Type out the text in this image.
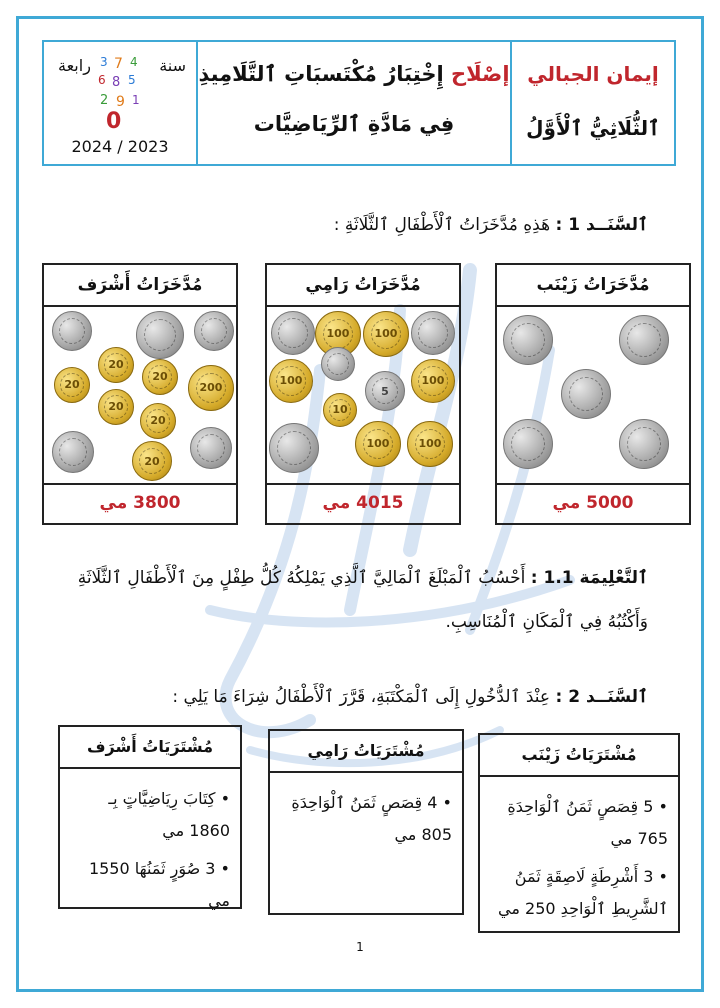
سنة
رابعة 3 7 4
6 8 5
2 9 1
0
2024 / 2023
إصْلَاح إِخْتِبَارُ مُكْتَسبَاتِ ٱلتَّلَامِيذِ
فِي مَادَّةِ ٱلرِّيَاضِيَّات
إيمان الجبالي
ٱلثُّلَاثِيُّ ٱلْأَوَّلُ
ٱلسَّنَــد 1 : هَذِهِ مُدَّخَرَاتُ ٱلْأَطْفَالِ ٱلثَّلَاثَةِ :
مُدَّخَرَاتُ زَيْنَب
5000 مي
مُدَّخَرَاتُ رَامِي
100	100
100
5
100
10
100	100
4015 مي
مُدَّخَرَاتُ أَشْرَف
20
20
20	200
20
20
20
3800 مي
ٱلتَّعْلِيمَة 1.1 : أَحْسُبُ ٱلْمَبْلَغَ ٱلْمَالِيَّ ٱلَّذِي يَمْلِكُهُ كُلُّ طِفْلٍ مِنَ ٱلْأَطْفَالِ ٱلثَّلَاثَةِ
وَأَكْتُبُهُ فِي ٱلْمَكَانِ ٱلْمُنَاسِبِ.
ٱلسَّنَــد 2 : عِنْدَ ٱلدُّخُولِ إِلَى ٱلْمَكْتَبَةِ، قَرَّرَ ٱلْأَطْفَالُ شِرَاءَ مَا يَلِي :
مُشْتَرَيَاتُ زَيْنَب
• 5 قِصَصٍ ثَمَنُ ٱلْوَاحِدَةِ 765 مي
• 3 أَشْرِطَةٍ لَاصِقَةٍ ثَمَنُ ٱلشَّرِيطِ ٱلْوَاحِدِ 250 مي
مُشْتَرَيَاتُ رَامِي
• 4 قِصَصٍ ثَمَنُ ٱلْوَاحِدَةِ 805 مي
مُشْتَرَيَاتُ أَشْرَف
• كِتَابَ رِيَاضِيَّاتٍ بِـ 1860 مي
• 3 صُوَرٍ ثَمَنُهَا 1550 مي
1
